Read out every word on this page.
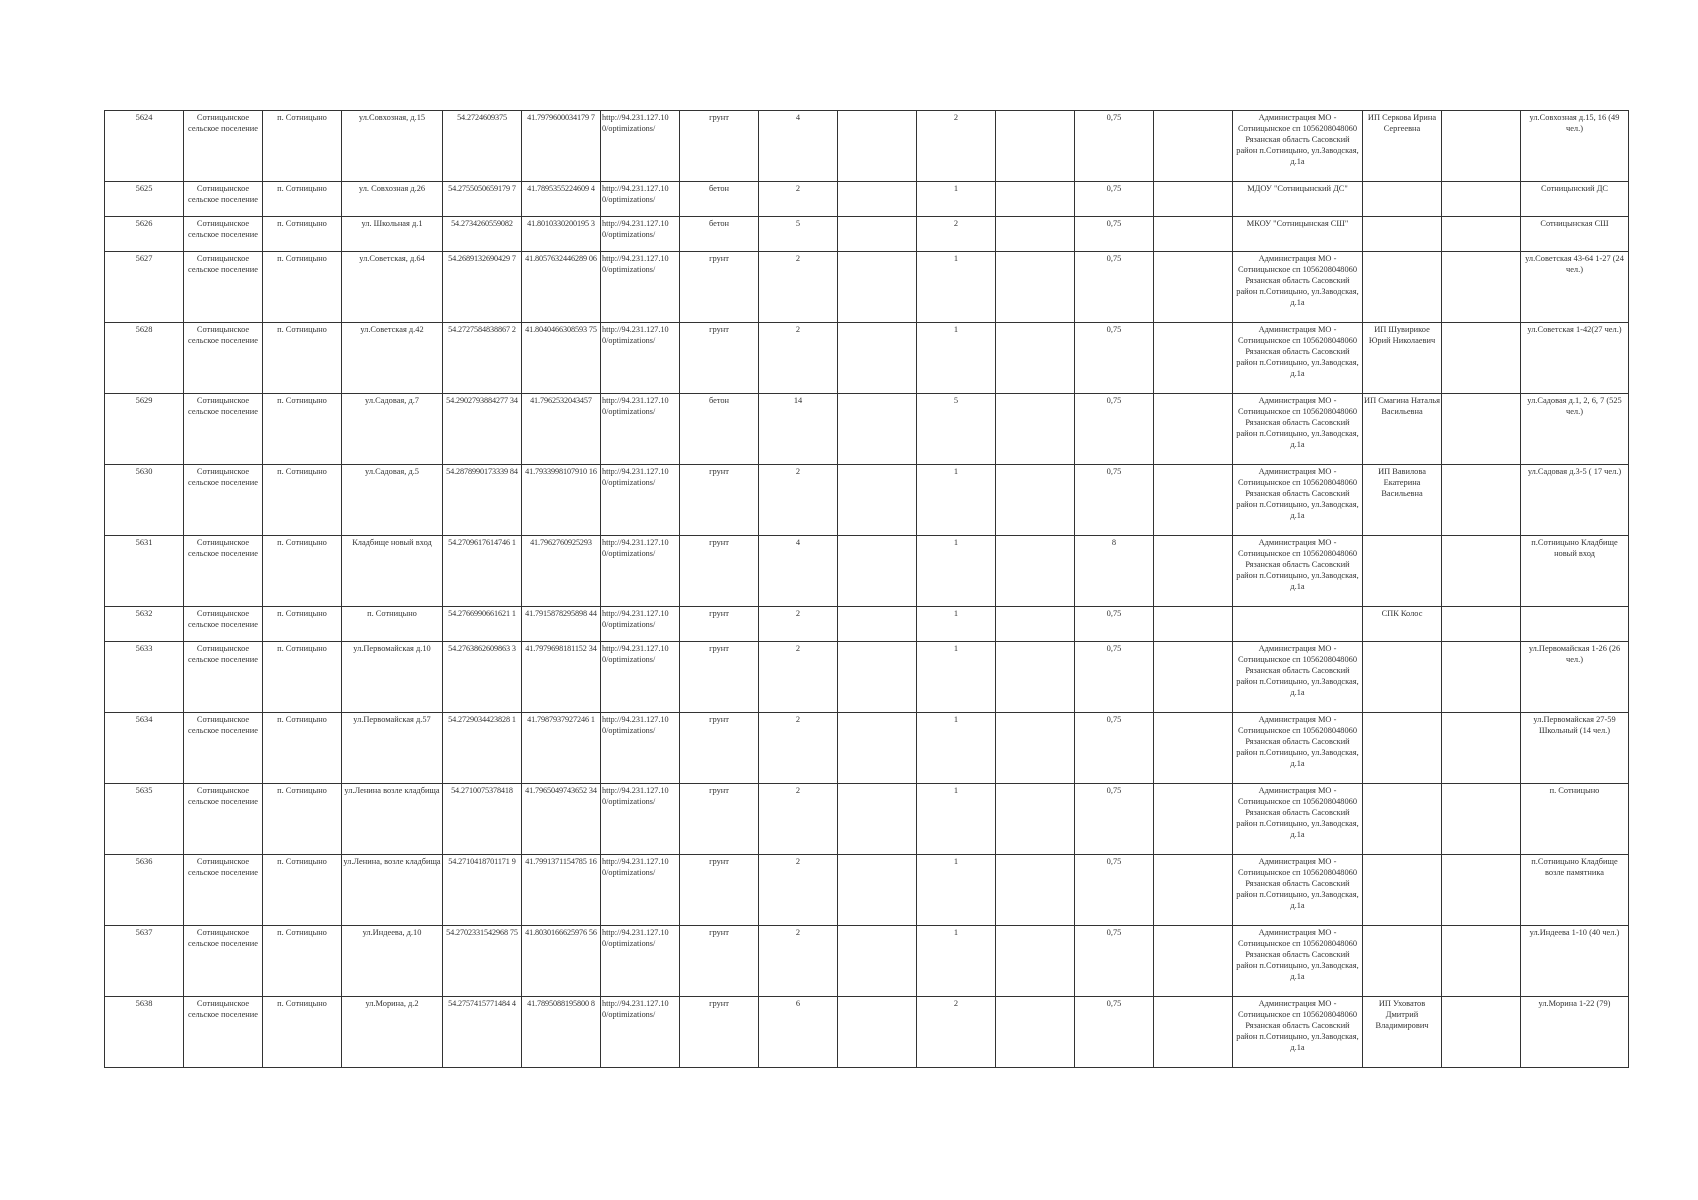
5624	Сотницынское сельское поселение	п. Сотницыно	ул.Совхозная, д.15	54.2724609375	41.7979600034179 7	http://94.231.127.10 0/optimizations/	грунт	4		2		0,75		Администрация МО - Сотницынское сп 1056208048060 Рязанская область Сасовский район п.Сотницыно, ул.Заводская, д.1а	ИП Серкова Ирина Сергеевна		ул.Совхозная д.15, 16 (49 чел.)
5625	Сотницынское сельское поселение	п. Сотницыно	ул. Совхозная д.26	54.2755050659179 7	41.7895355224609 4	http://94.231.127.10 0/optimizations/	бетон	2		1		0,75		МДОУ "Сотницынский ДС"			Сотницынский ДС
5626	Сотницынское сельское поселение	п. Сотницыно	ул. Школьная д.1	54.2734260559082	41.8010330200195 3	http://94.231.127.10 0/optimizations/	бетон	5		2		0,75		МКОУ "Сотницынская СШ"			Сотницынская СШ
5627	Сотницынское сельское поселение	п. Сотницыно	ул.Советская, д.64	54.2689132690429 7	41.8057632446289 06	http://94.231.127.10 0/optimizations/	грунт	2		1		0,75		Администрация МО - Сотницынское сп 1056208048060 Рязанская область Сасовский район п.Сотницыно, ул.Заводская, д.1а			ул.Советская 43-64 1-27 (24 чел.)
5628	Сотницынское сельское поселение	п. Сотницыно	ул.Советская д.42	54.2727584838867 2	41.8040466308593 75	http://94.231.127.10 0/optimizations/	грунт	2		1		0,75		Администрация МО - Сотницынское сп 1056208048060 Рязанская область Сасовский район п.Сотницыно, ул.Заводская, д.1а	ИП Шувирикое Юрий Николаевич		ул.Советская 1-42(27 чел.)
5629	Сотницынское сельское поселение	п. Сотницыно	ул.Садовая, д.7	54.2902793884277 34	41.7962532043457	http://94.231.127.10 0/optimizations/	бетон	14		5		0,75		Администрация МО - Сотницынское сп 1056208048060 Рязанская область Сасовский район п.Сотницыно, ул.Заводская, д.1а	ИП Смагина Наталья Васильевна		ул.Садовая д.1, 2, 6, 7 (525 чел.)
5630	Сотницынское сельское поселение	п. Сотницыно	ул.Садовая, д.5	54.2878990173339 84	41.7933998107910 16	http://94.231.127.10 0/optimizations/	грунт	2		1		0,75		Администрация МО - Сотницынское сп 1056208048060 Рязанская область Сасовский район п.Сотницыно, ул.Заводская, д.1а	ИП Вавилова Екатерина Васильевна		ул.Садовая д.3-5 ( 17 чел.)
5631	Сотницынское сельское поселение	п. Сотницыно	Кладбище новый вход	54.2709617614746 1	41.7962760925293	http://94.231.127.10 0/optimizations/	грунт	4		1		8		Администрация МО - Сотницынское сп 1056208048060 Рязанская область Сасовский район п.Сотницыно, ул.Заводская, д.1а			п.Сотницыно Кладбище новый вход
5632	Сотницынское сельское поселение	п. Сотницыно	п. Сотницыно	54.2766990661621 1	41.7915878295898 44	http://94.231.127.10 0/optimizations/	грунт	2		1		0,75			СПК Колос		
5633	Сотницынское сельское поселение	п. Сотницыно	ул.Первомайская д.10	54.2763862609863 3	41.7979698181152 34	http://94.231.127.10 0/optimizations/	грунт	2		1		0,75		Администрация МО - Сотницынское сп 1056208048060 Рязанская область Сасовский район п.Сотницыно, ул.Заводская, д.1а			ул.Первомайская 1-26 (26 чел.)
5634	Сотницынское сельское поселение	п. Сотницыно	ул.Первомайская д.57	54.2729034423828 1	41.7987937927246 1	http://94.231.127.10 0/optimizations/	грунт	2		1		0,75		Администрация МО - Сотницынское сп 1056208048060 Рязанская область Сасовский район п.Сотницыно, ул.Заводская, д.1а			ул.Первомайская 27-59 Школьный (14 чел.)
5635	Сотницынское сельское поселение	п. Сотницыно	ул.Ленина возле кладбища	54.2710075378418	41.7965049743652 34	http://94.231.127.10 0/optimizations/	грунт	2		1		0,75		Администрация МО - Сотницынское сп 1056208048060 Рязанская область Сасовский район п.Сотницыно, ул.Заводская, д.1а			п. Сотницыно
5636	Сотницынское сельское поселение	п. Сотницыно	ул.Ленина, возле кладбища	54.2710418701171 9	41.7991371154785 16	http://94.231.127.10 0/optimizations/	грунт	2		1		0,75		Администрация МО - Сотницынское сп 1056208048060 Рязанская область Сасовский район п.Сотницыно, ул.Заводская, д.1а			п.Сотницыно Кладбище возле памятника
5637	Сотницынское сельское поселение	п. Сотницыно	ул.Индеева, д.10	54.2702331542968 75	41.8030166625976 56	http://94.231.127.10 0/optimizations/	грунт	2		1		0,75		Администрация МО - Сотницынское сп 1056208048060 Рязанская область Сасовский район п.Сотницыно, ул.Заводская, д.1а			ул.Индеева 1-10 (40 чел.)
5638	Сотницынское сельское поселение	п. Сотницыно	ул.Морина, д.2	54.2757415771484 4	41.7895088195800 8	http://94.231.127.10 0/optimizations/	грунт	6		2		0,75		Администрация МО - Сотницынское сп 1056208048060 Рязанская область Сасовский район п.Сотницыно, ул.Заводская, д.1а	ИП Уховатов Дмитрий Владимирович		ул.Морина 1-22 (79)
